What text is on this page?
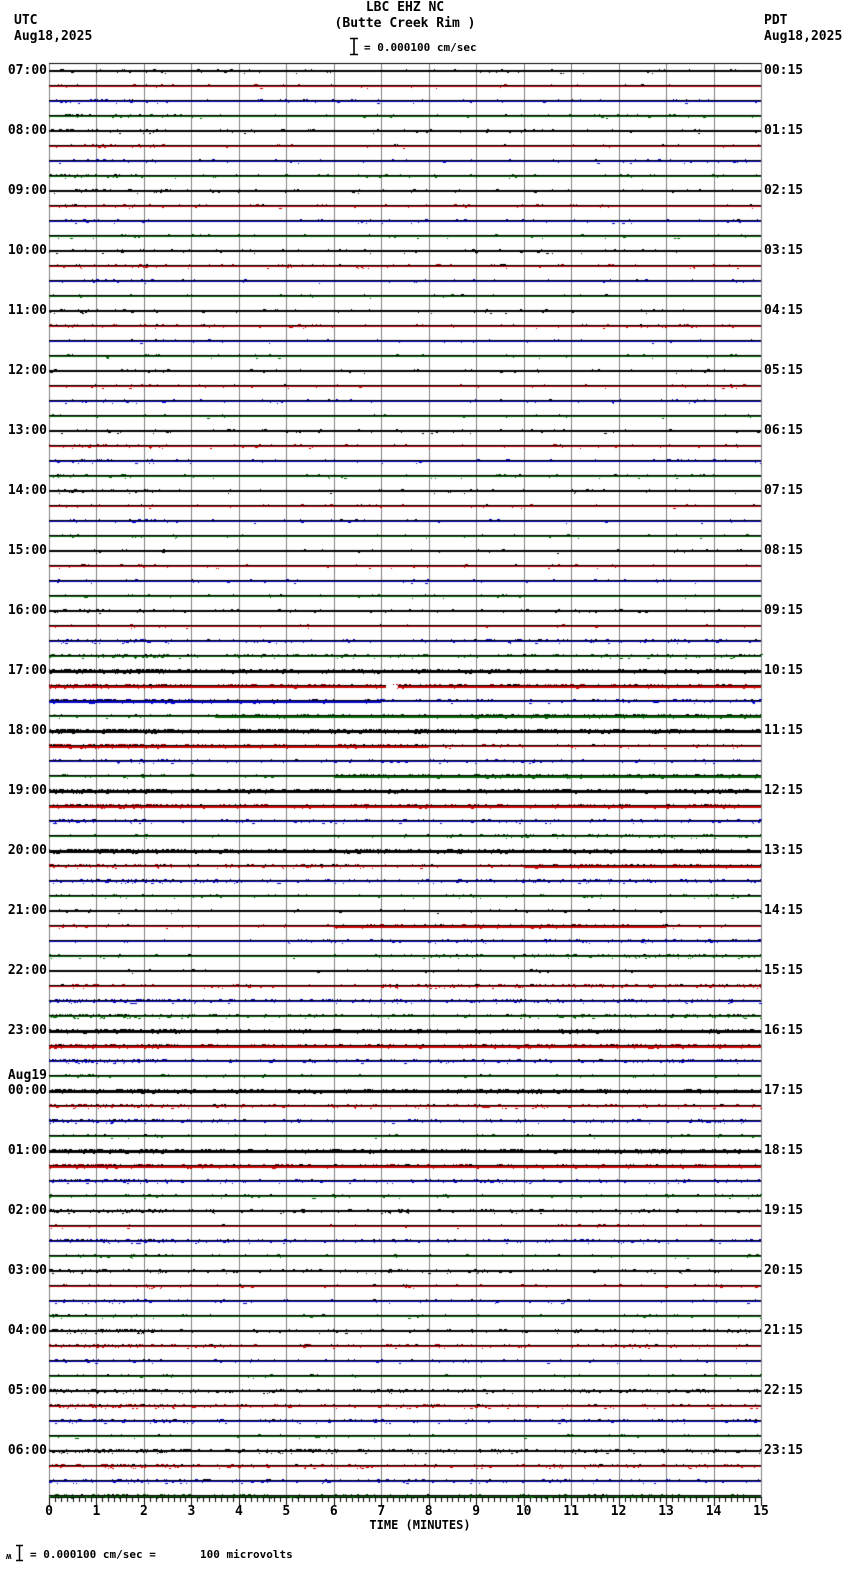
UTC
Aug18,2025
PDT
Aug18,2025
LBC EHZ NC
(Butte Creek Rim )
= 0.000100 cm/sec
07:00	00:15
08:00	01:15
09:00	02:15
10:00	03:15
11:00	04:15
12:00	05:15
13:00	06:15
14:00	07:15
15:00	08:15
16:00	09:15
17:00	10:15
18:00	11:15
19:00	12:15
20:00	13:15
21:00	14:15
22:00	15:15
23:00	16:15
00:00	17:15
Aug19
01:00	18:15
02:00	19:15
03:00	20:15
04:00	21:15
05:00	22:15
06:00	23:15
0	1	2	3	4	5	6	7	8	9	10	11	12	13	14	15
TIME (MINUTES)
ʍ = 0.000100 cm/sec =	100 microvolts
